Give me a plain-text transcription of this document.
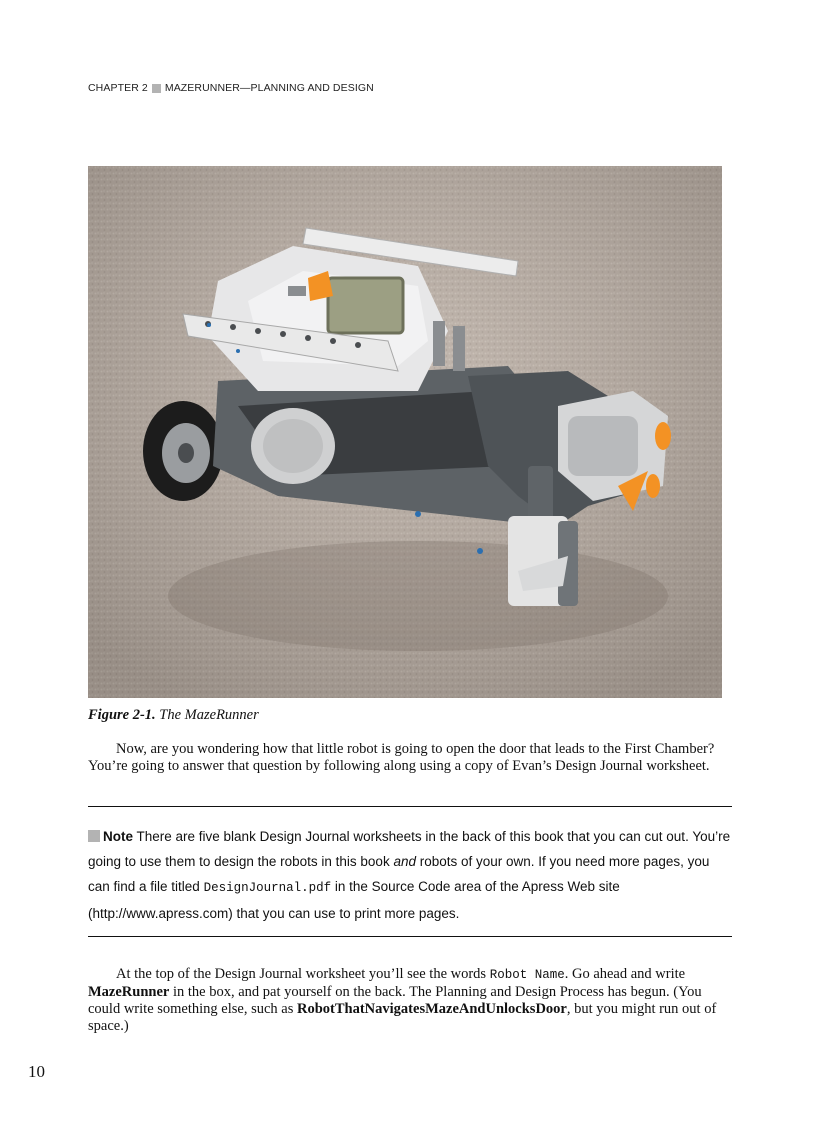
CHAPTER 2 MAZERUNNER—PLANNING AND DESIGN
Figure 2-1. The MazeRunner

Now, are you wondering how that little robot is going to open the door that leads to the First Chamber? You’re going to answer that question by following along using a copy of Evan’s Design Journal worksheet.

Note There are five blank Design Journal worksheets in the back of this book that you can cut out. You’re going to use them to design the robots in this book and robots of your own. If you need more pages, you can find a file titled DesignJournal.pdf in the Source Code area of the Apress Web site (http://www.apress.com) that you can use to print more pages.

At the top of the Design Journal worksheet you’ll see the words Robot Name. Go ahead and write MazeRunner in the box, and pat yourself on the back. The Planning and Design Process has begun. (You could write something else, such as RobotThatNavigatesMazeAndUnlocksDoor, but you might run out of space.)

10
